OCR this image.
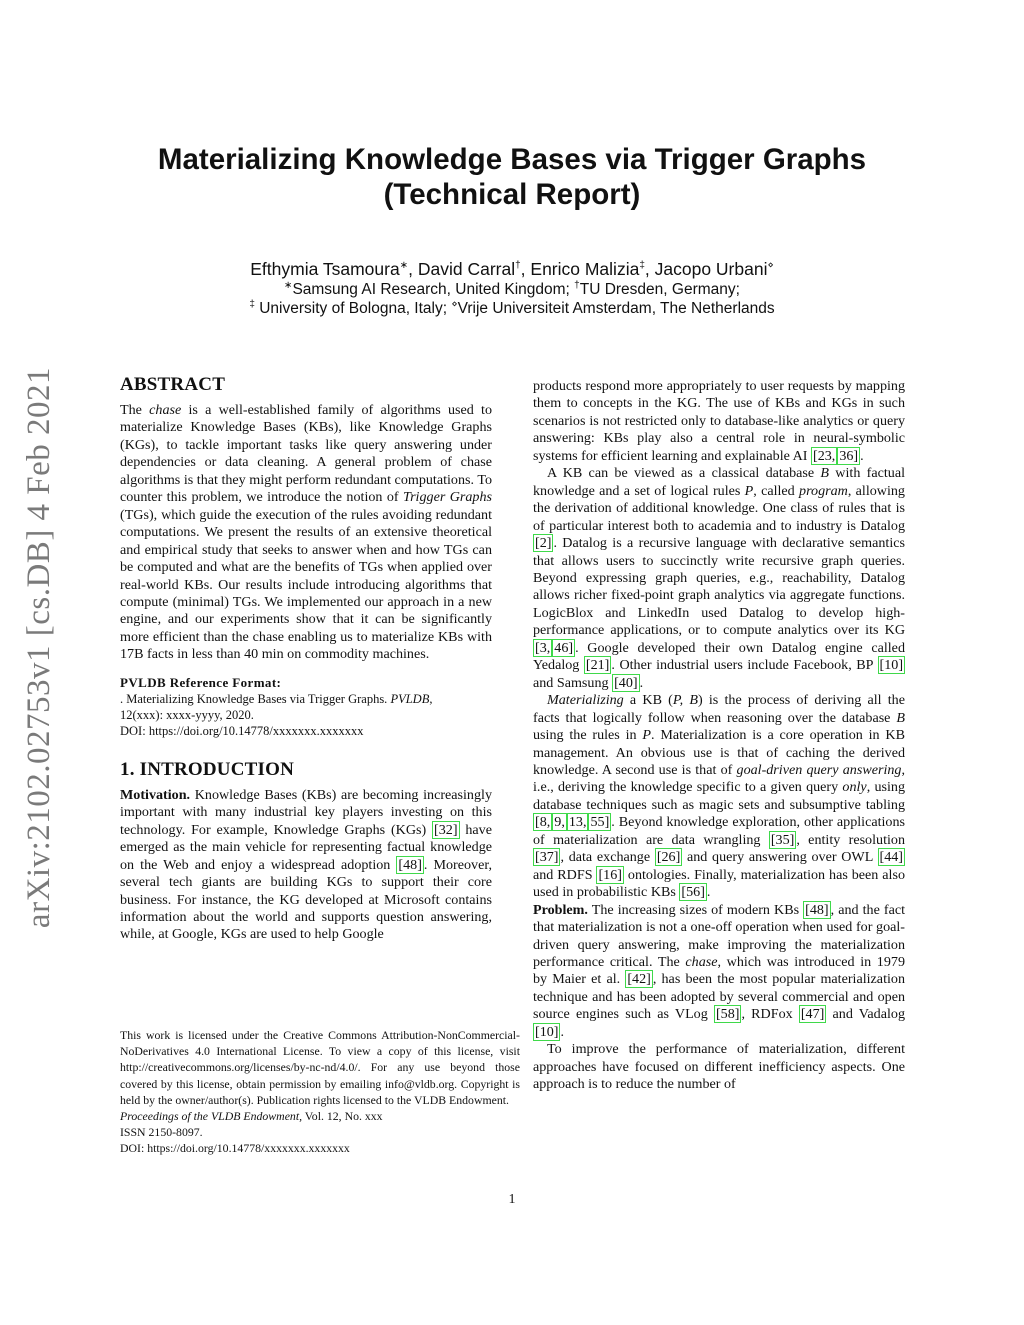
arXiv:2102.02753v1 [cs.DB] 4 Feb 2021
Materializing Knowledge Bases via Trigger Graphs
(Technical Report)
Efthymia Tsamoura∗, David Carral†, Enrico Malizia‡, Jacopo Urbani⋄
∗Samsung AI Research, United Kingdom; †TU Dresden, Germany;
‡ University of Bologna, Italy; ⋄Vrije Universiteit Amsterdam, The Netherlands
ABSTRACT

The chase is a well-established family of algorithms used to materialize Knowledge Bases (KBs), like Knowledge Graphs (KGs), to tackle important tasks like query answering under dependencies or data cleaning. A general problem of chase algorithms is that they might perform redundant computations. To counter this problem, we introduce the notion of Trigger Graphs (TGs), which guide the execution of the rules avoiding redundant computations. We present the results of an extensive theoretical and empirical study that seeks to answer when and how TGs can be computed and what are the benefits of TGs when applied over real-world KBs. Our results include introducing algorithms that compute (minimal) TGs. We implemented our approach in a new engine, and our experiments show that it can be significantly more efficient than the chase enabling us to materialize KBs with 17B facts in less than 40 min on commodity machines.

PVLDB Reference Format:
. Materializing Knowledge Bases via Trigger Graphs. PVLDB,
12(xxx): xxxx-yyyy, 2020.
DOI: https://doi.org/10.14778/xxxxxxx.xxxxxxx
1. INTRODUCTION

Motivation. Knowledge Bases (KBs) are becoming increasingly important with many industrial key players investing on this technology. For example, Knowledge Graphs (KGs) [32] have emerged as the main vehicle for representing factual knowledge on the Web and enjoy a widespread adoption [48] . Moreover, several tech giants are building KGs to support their core business. For instance, the KG developed at Microsoft contains information about the world and supports question answering, while, at Google, KGs are used to help Google

This work is licensed under the Creative Commons Attribution-NonCommercial-NoDerivatives 4.0 International License. To view a copy of this license, visit http://creativecommons.org/licenses/by-nc-nd/4.0/. For any use beyond those covered by this license, obtain permission by emailing info@vldb.org. Copyright is held by the owner/author(s). Publication rights licensed to the VLDB Endowment.

Proceedings of the VLDB Endowment, Vol. 12, No. xxx

ISSN 2150-8097.

DOI: https://doi.org/10.14778/xxxxxxx.xxxxxxx

products respond more appropriately to user requests by mapping them to concepts in the KG. The use of KBs and KGs in such scenarios is not restricted only to database-like analytics or query answering: KBs play also a central role in neural-symbolic systems for efficient learning and explainable AI [23, 36] .

A KB can be viewed as a classical database B with factual knowledge and a set of logical rules P, called program, allowing the derivation of additional knowledge. One class of rules that is of particular interest both to academia and to industry is Datalog [2] . Datalog is a recursive language with declarative semantics that allows users to succinctly write recursive graph queries. Beyond expressing graph queries, e.g., reachability, Datalog allows richer fixed-point graph analytics via aggregate functions. LogicBlox and LinkedIn used Datalog to develop high-performance applications, or to compute analytics over its KG [3, 46] . Google developed their own Datalog engine called Yedalog [21] . Other industrial users include Facebook, BP [10] and Samsung [40] .

Materializing a KB (P, B) is the process of deriving all the facts that logically follow when reasoning over the database B using the rules in P. Materialization is a core operation in KB management. An obvious use is that of caching the derived knowledge. A second use is that of goal-driven query answering, i.e., deriving the knowledge specific to a given query only, using database techniques such as magic sets and subsumptive tabling [8, 9, 13, 55] . Beyond knowledge exploration, other applications of materialization are data wrangling [35] , entity resolution [37] , data exchange [26] and query answering over OWL [44] and RDFS [16] ontologies. Finally, materialization has been also used in probabilistic KBs [56] .

Problem. The increasing sizes of modern KBs [48] , and the fact that materialization is not a one-off operation when used for goal-driven query answering, make improving the materialization performance critical. The chase, which was introduced in 1979 by Maier et al. [42] , has been the most popular materialization technique and has been adopted by several commercial and open source engines such as VLog [58] , RDFox [47] and Vadalog [10] .

To improve the performance of materialization, different approaches have focused on different inefficiency aspects. One approach is to reduce the number of

1
